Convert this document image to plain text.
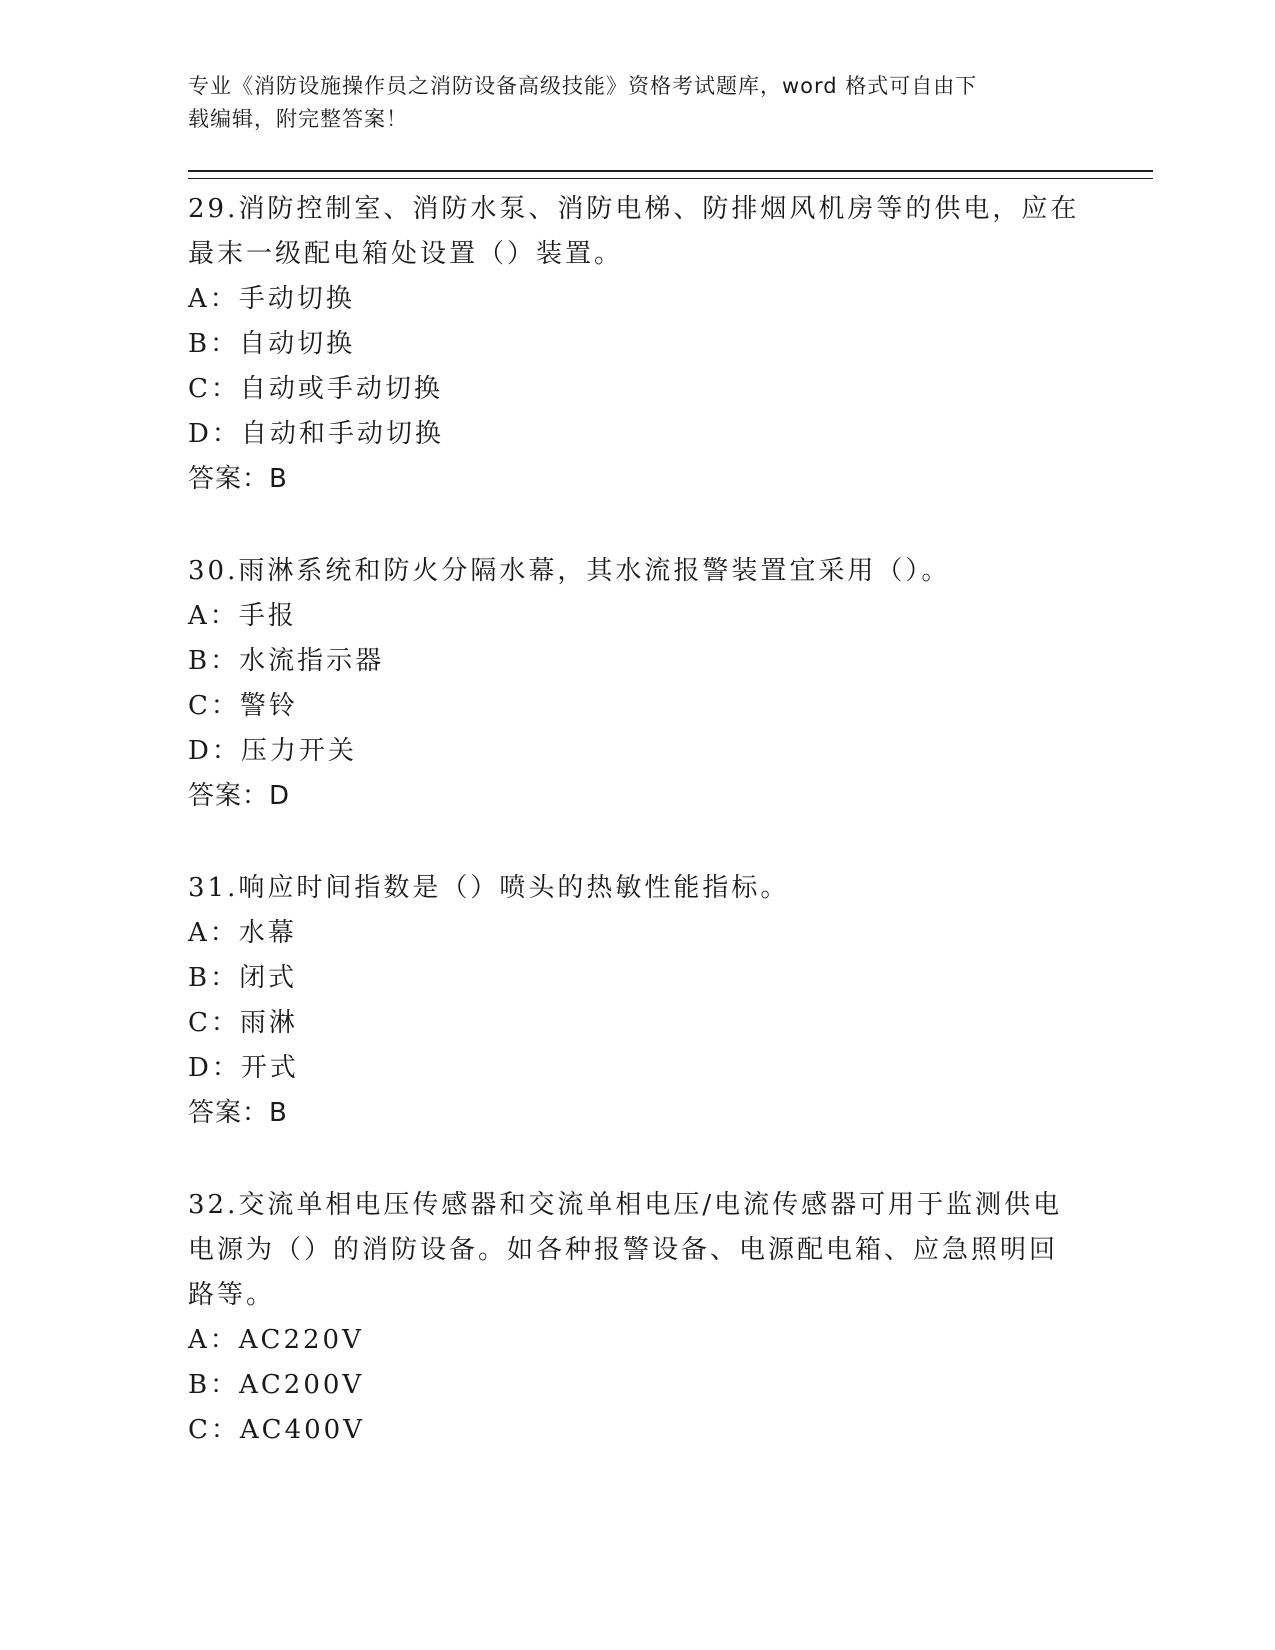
专业《消防设施操作员之消防设备高级技能》资格考试题库，word 格式可自由下
载编辑，附完整答案！
29.消防控制室、消防水泵、消防电梯、防排烟风机房等的供电，应在
最末一级配电箱处设置（）装置。
A：手动切换
B：自动切换
C：自动或手动切换
D：自动和手动切换
答案：B
30.雨淋系统和防火分隔水幕，其水流报警装置宜采用（）。
A：手报
B：水流指示器
C：警铃
D：压力开关
答案：D
31.响应时间指数是（）喷头的热敏性能指标。
A：水幕
B：闭式
C：雨淋
D：开式
答案：B
32.交流单相电压传感器和交流单相电压/电流传感器可用于监测供电
电源为（）的消防设备。如各种报警设备、电源配电箱、应急照明回
路等。
A：AC220V
B：AC200V
C：AC400V
